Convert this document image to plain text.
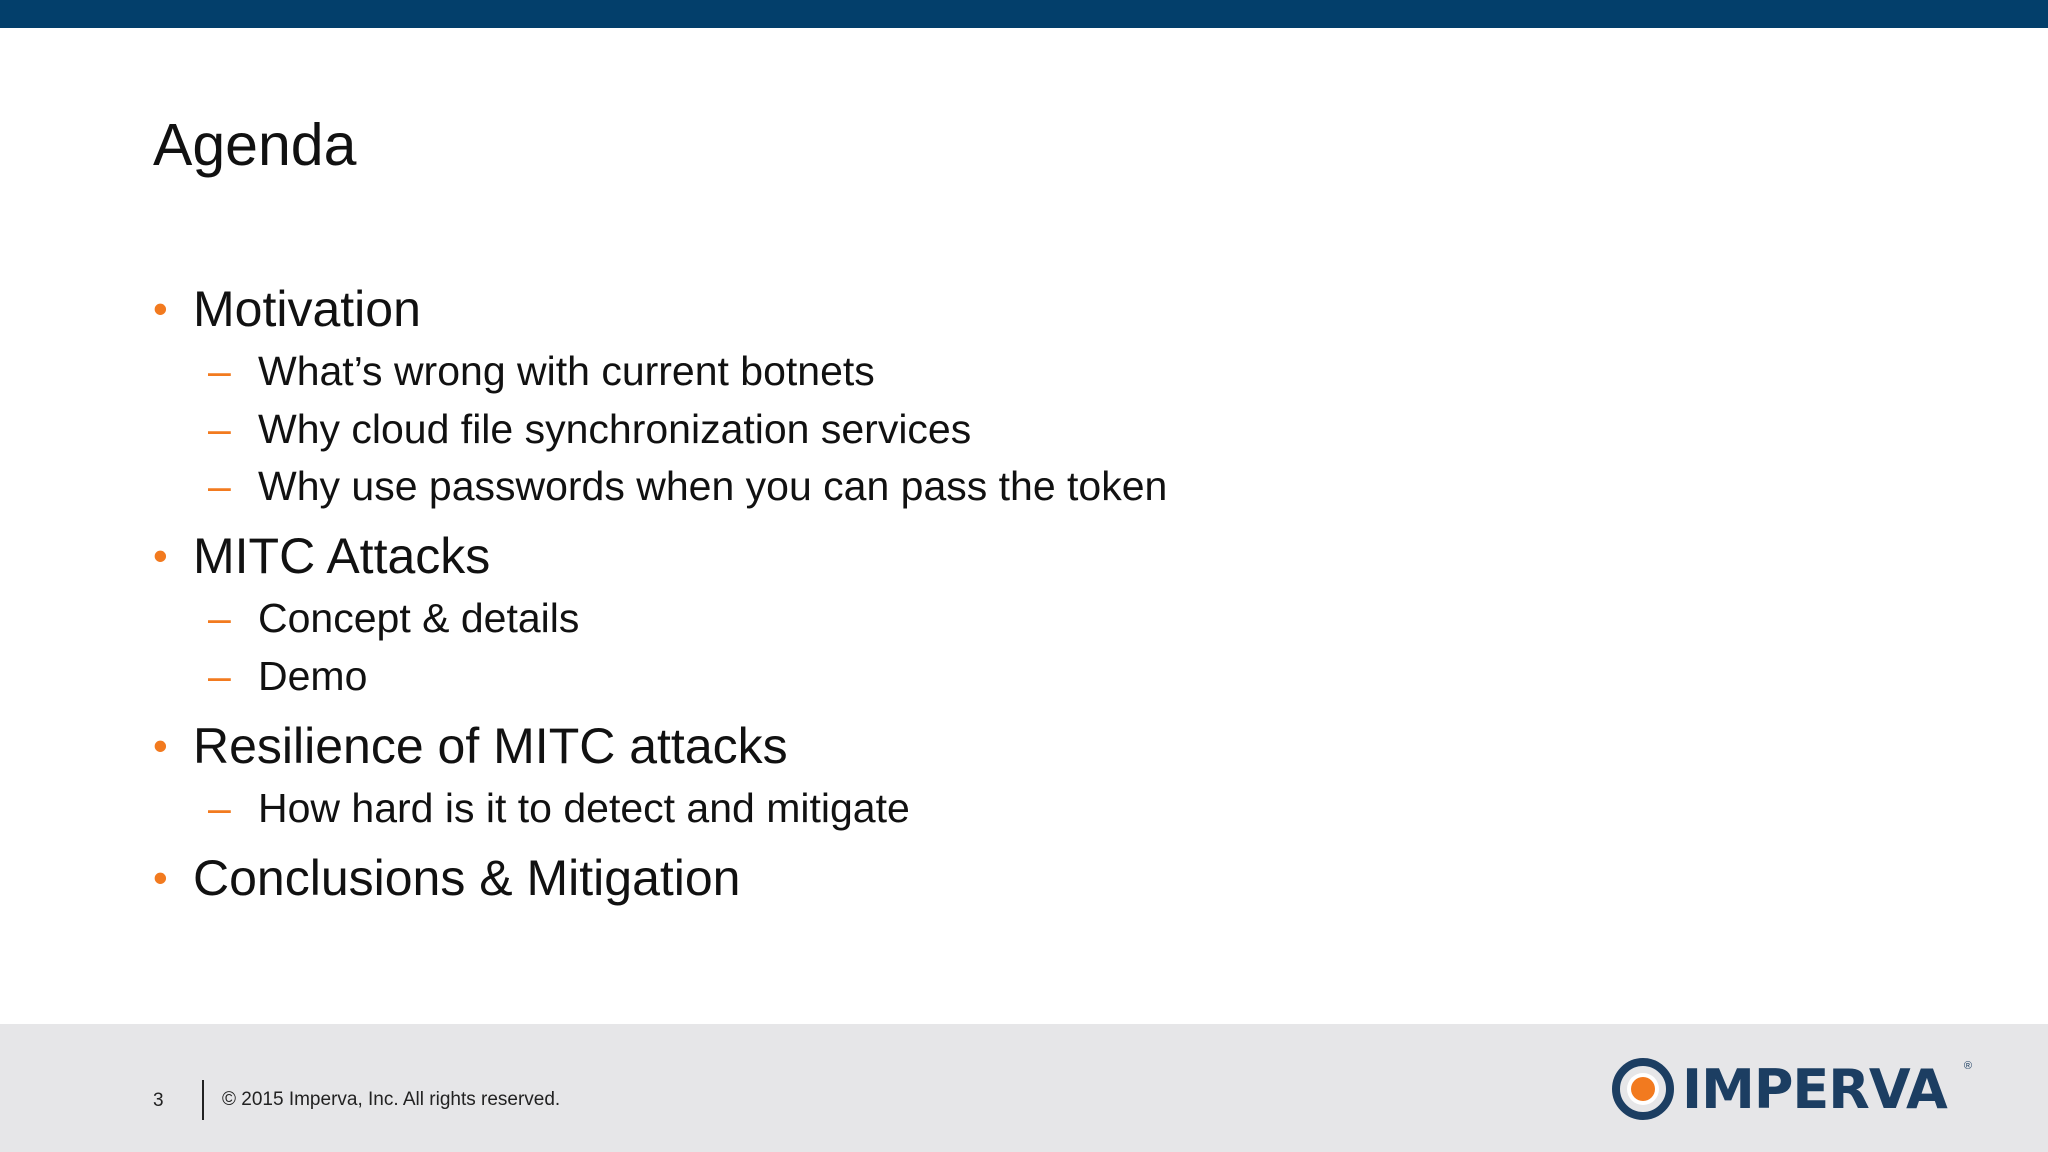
Agenda
• Motivation
– What’s wrong with current botnets
– Why cloud file synchronization services
– Why use passwords when you can pass the token
• MITC Attacks
– Concept & details
– Demo
• Resilience of MITC attacks
– How hard is it to detect and mitigate
• Conclusions & Mitigation
3	© 2015 Imperva, Inc. All rights reserved.	IMPERVA ®
